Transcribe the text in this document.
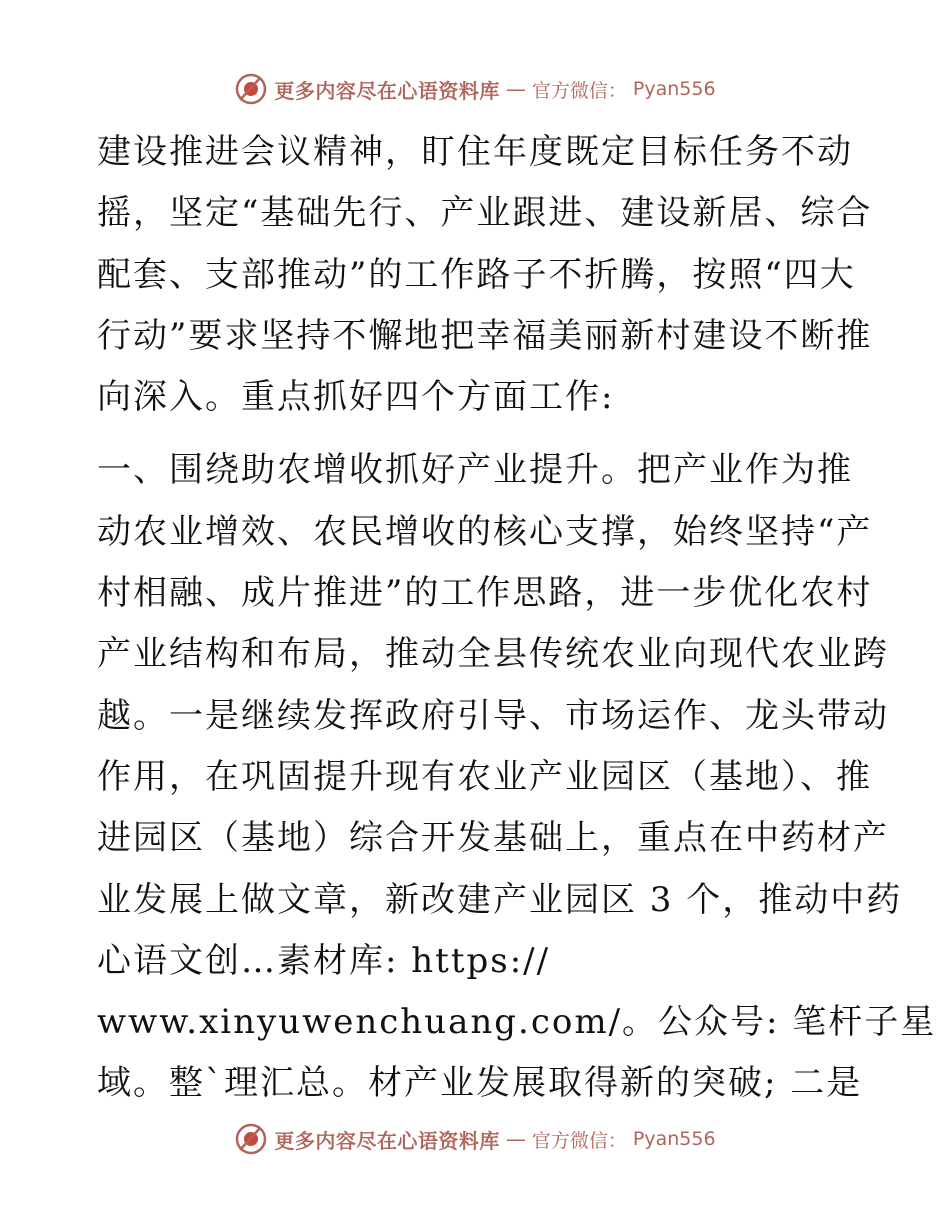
更多内容尽在心语资料库 — 官方微信： Pyan556
建设推进会议精神，盯住年度既定目标任务不动
摇，坚定“基础先行、产业跟进、建设新居、综合
配套、支部推动”的工作路子不折腾，按照“四大
行动”要求坚持不懈地把幸福美丽新村建设不断推
向深入。重点抓好四个方面工作:
一、围绕助农增收抓好产业提升。把产业作为推
动农业增效、农民增收的核心支撑，始终坚持“产
村相融、成片推进”的工作思路，进一步优化农村
产业结构和布局，推动全县传统农业向现代农业跨
越。一是继续发挥政府引导、市场运作、龙头带动
作用，在巩固提升现有农业产业园区（基地）、推
进园区（基地）综合开发基础上，重点在中药材产
业发展上做文章，新改建产业园区 3 个，推动中药
心语文创…素材库: https://
www.xinyuwenchuang.com/。公众号: 笔杆子星
域。整`理汇总。材产业发展取得新的突破; 二是
更多内容尽在心语资料库 — 官方微信： Pyan556
